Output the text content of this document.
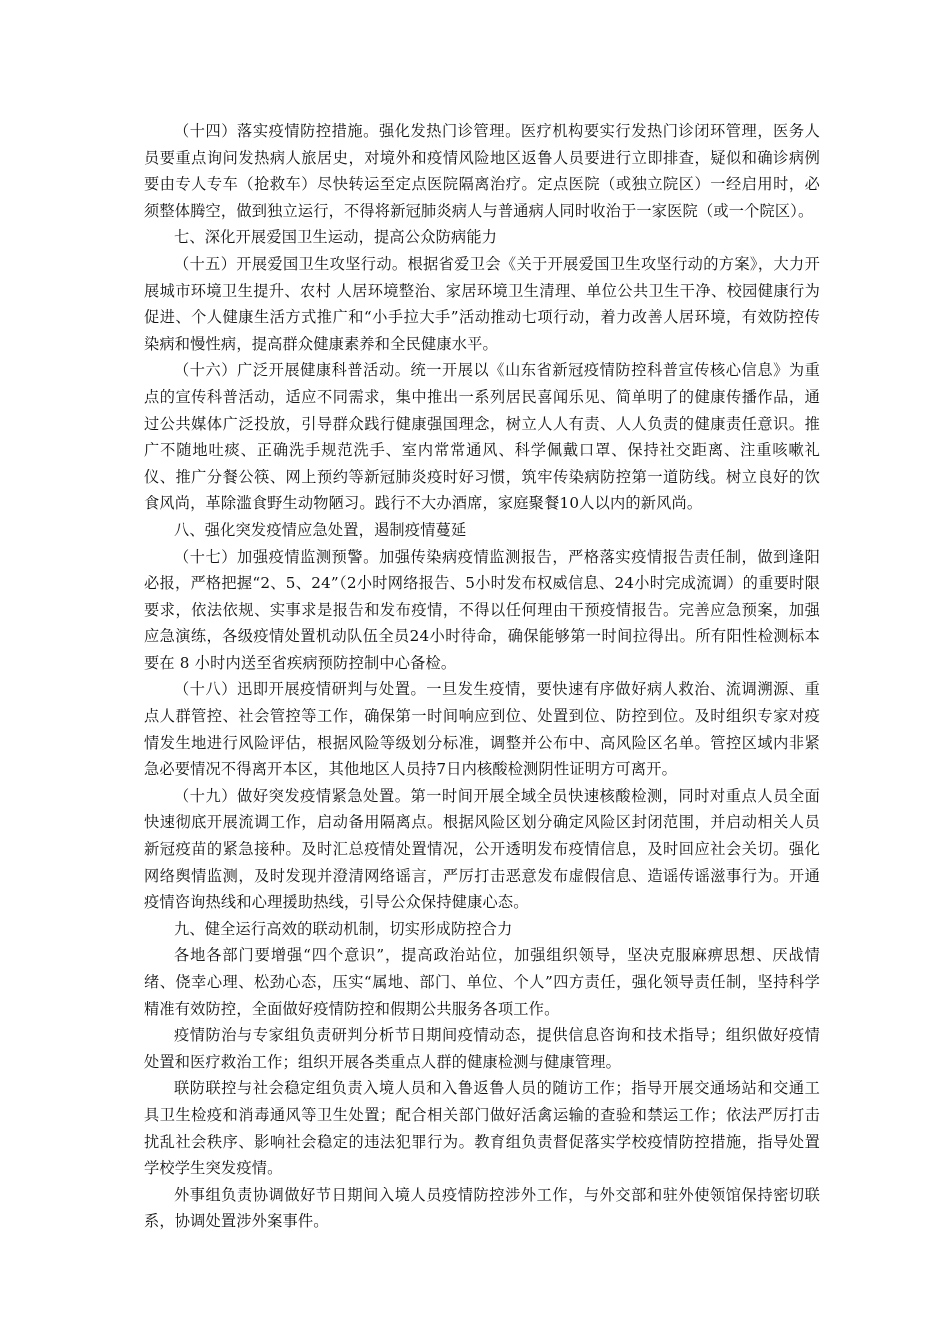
（十四）落实疫情防控措施。强化发热门诊管理。医疗机构要实行发热门诊闭环管理，医务人员要重点询问发热病人旅居史，对境外和疫情风险地区返鲁人员要进行立即排查，疑似和确诊病例要由专人专车（抢救车）尽快转运至定点医院隔离治疗。定点医院（或独立院区）一经启用时，必须整体腾空，做到独立运行，不得将新冠肺炎病人与普通病人同时收治于一家医院（或一个院区）。

七、深化开展爱国卫生运动，提高公众防病能力

（十五）开展爱国卫生攻坚行动。根据省爱卫会《关于开展爱国卫生攻坚行动的方案》，大力开展城市环境卫生提升、农村 人居环境整治、家居环境卫生清理、单位公共卫生干净、校园健康行为促进、个人健康生活方式推广和“小手拉大手”活动推动七项行动，着力改善人居环境，有效防控传染病和慢性病，提高群众健康素养和全民健康水平。

（十六）广泛开展健康科普活动。统一开展以《山东省新冠疫情防控科普宣传核心信息》为重点的宣传科普活动，适应不同需求，集中推出一系列居民喜闻乐见、简单明了的健康传播作品，通过公共媒体广泛投放，引导群众践行健康强国理念，树立人人有责、人人负责的健康责任意识。推广不随地吐痰、正确洗手规范洗手、室内常常通风、科学佩戴口罩、保持社交距离、注重咳嗽礼仪、推广分餐公筷、网上预约等新冠肺炎疫时好习惯，筑牢传染病防控第一道防线。树立良好的饮食风尚，革除滥食野生动物陋习。践行不大办酒席，家庭聚餐10人以内的新风尚。

八、强化突发疫情应急处置，遏制疫情蔓延

（十七）加强疫情监测预警。加强传染病疫情监测报告，严格落实疫情报告责任制，做到逢阳必报，严格把握“2、5、24”（2小时网络报告、5小时发布权威信息、24小时完成流调）的重要时限要求，依法依规、实事求是报告和发布疫情，不得以任何理由干预疫情报告。完善应急预案，加强应急演练，各级疫情处置机动队伍全员24小时待命，确保能够第一时间拉得出。所有阳性检测标本要在 8 小时内送至省疾病预防控制中心备检。

（十八）迅即开展疫情研判与处置。一旦发生疫情，要快速有序做好病人救治、流调溯源、重点人群管控、社会管控等工作，确保第一时间响应到位、处置到位、防控到位。及时组织专家对疫情发生地进行风险评估，根据风险等级划分标准，调整并公布中、高风险区名单。管控区域内非紧急必要情况不得离开本区，其他地区人员持7日内核酸检测阴性证明方可离开。

（十九）做好突发疫情紧急处置。第一时间开展全域全员快速核酸检测，同时对重点人员全面快速彻底开展流调工作，启动备用隔离点。根据风险区划分确定风险区封闭范围，并启动相关人员新冠疫苗的紧急接种。及时汇总疫情处置情况，公开透明发布疫情信息，及时回应社会关切。强化网络舆情监测，及时发现并澄清网络谣言，严厉打击恶意发布虚假信息、造谣传谣滋事行为。开通疫情咨询热线和心理援助热线，引导公众保持健康心态。

九、健全运行高效的联动机制，切实形成防控合力

各地各部门要增强“四个意识”，提高政治站位，加强组织领导，坚决克服麻痹思想、厌战情绪、侥幸心理、松劲心态，压实“属地、部门、单位、个人”四方责任，强化领导责任制，坚持科学精准有效防控，全面做好疫情防控和假期公共服务各项工作。

疫情防治与专家组负责研判分析节日期间疫情动态，提供信息咨询和技术指导；组织做好疫情处置和医疗救治工作；组织开展各类重点人群的健康检测与健康管理。

联防联控与社会稳定组负责入境人员和入鲁返鲁人员的随访工作；指导开展交通场站和交通工具卫生检疫和消毒通风等卫生处置；配合相关部门做好活禽运输的查验和禁运工作；依法严厉打击扰乱社会秩序、影响社会稳定的违法犯罪行为。教育组负责督促落实学校疫情防控措施，指导处置学校学生突发疫情。

外事组负责协调做好节日期间入境人员疫情防控涉外工作，与外交部和驻外使领馆保持密切联系，协调处置涉外案事件。
